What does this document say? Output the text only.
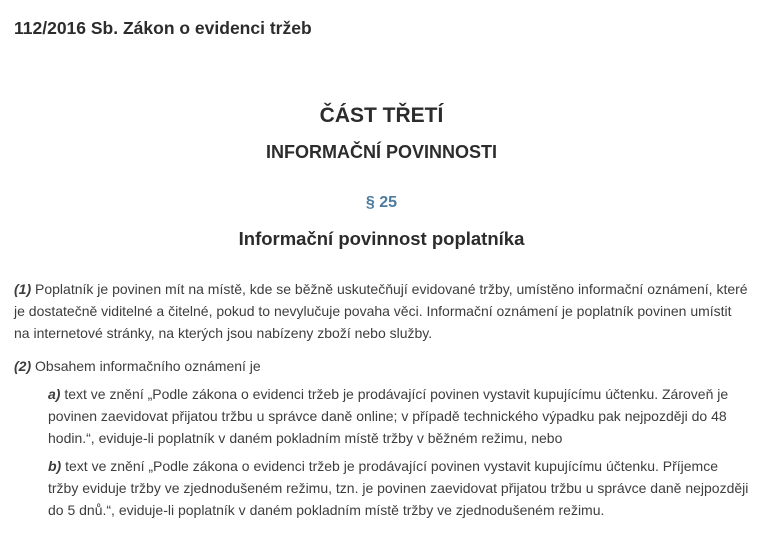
112/2016 Sb. Zákon o evidenci tržeb
ČÁST TŘETÍ
INFORMAČNÍ POVINNOSTI
§ 25
Informační povinnost poplatníka

(1) Poplatník je povinen mít na místě, kde se běžně uskutečňují evidované tržby, umístěno informační oznámení, které je dostatečně viditelné a čitelné, pokud to nevylučuje povaha věci. Informační oznámení je poplatník povinen umístit na internetové stránky, na kterých jsou nabízeny zboží nebo služby.

(2) Obsahem informačního oznámení je

a) text ve znění „Podle zákona o evidenci tržeb je prodávající povinen vystavit kupujícímu účtenku. Zároveň je povinen zaevidovat přijatou tržbu u správce daně online; v případě technického výpadku pak nejpozději do 48 hodin.“, eviduje-li poplatník v daném pokladním místě tržby v běžném režimu, nebo
b) text ve znění „Podle zákona o evidenci tržeb je prodávající povinen vystavit kupujícímu účtenku. Příjemce tržby eviduje tržby ve zjednodušeném režimu, tzn. je povinen zaevidovat přijatou tržbu u správce daně nejpozději do 5 dnů.“, eviduje-li poplatník v daném pokladním místě tržby ve zjednodušeném režimu.
